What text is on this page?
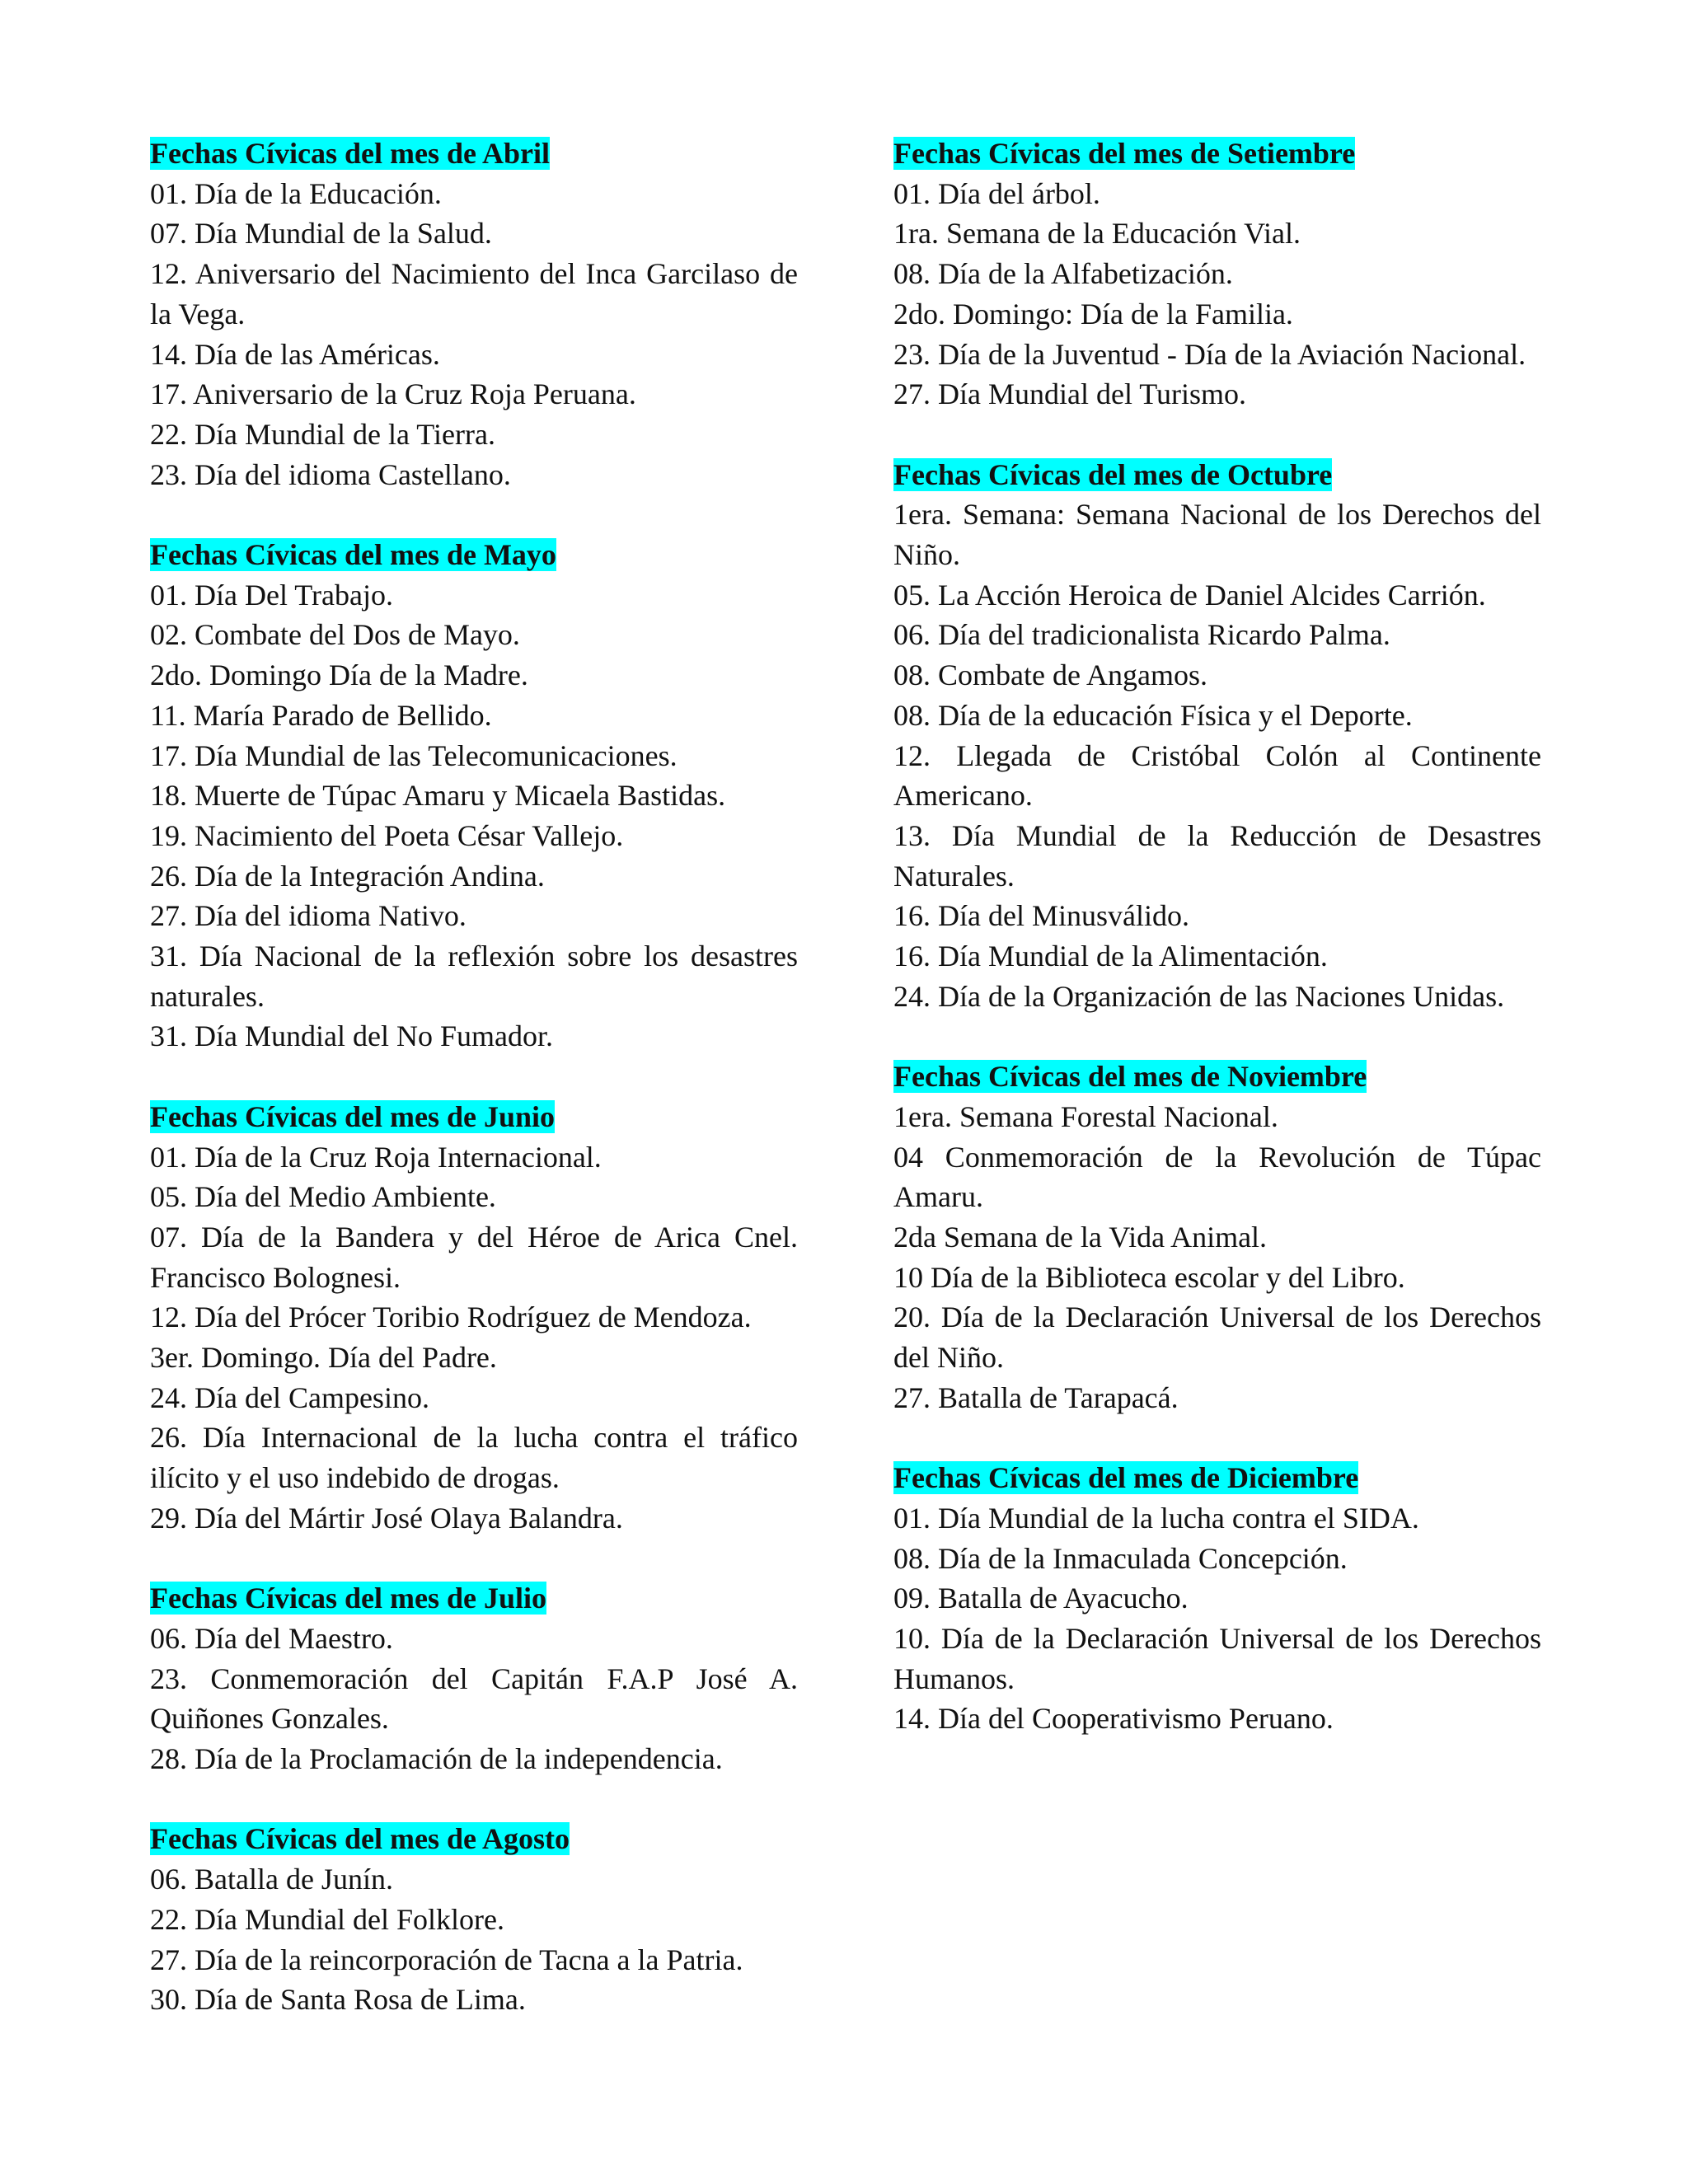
Fechas Cívicas del mes de Abril
01. Día de la Educación.
07. Día Mundial de la Salud.
12. Aniversario del Nacimiento del Inca Garcilaso de la Vega.
14. Día de las Américas.
17. Aniversario de la Cruz Roja Peruana.
22. Día Mundial de la Tierra.
23. Día del idioma Castellano.
Fechas Cívicas del mes de Mayo
01. Día Del Trabajo.
02. Combate del Dos de Mayo.
2do. Domingo Día de la Madre.
11. María Parado de Bellido.
17. Día Mundial de las Telecomunicaciones.
18. Muerte de Túpac Amaru y Micaela Bastidas.
19. Nacimiento del Poeta César Vallejo.
26. Día de la Integración Andina.
27. Día del idioma Nativo.
31. Día Nacional de la reflexión sobre los desastres naturales.
31. Día Mundial del No Fumador.
Fechas Cívicas del mes de Junio
01. Día de la Cruz Roja Internacional.
05. Día del Medio Ambiente.
07. Día de la Bandera y del Héroe de Arica Cnel. Francisco Bolognesi.
12. Día del Prócer Toribio Rodríguez de Mendoza.
3er. Domingo. Día del Padre.
24. Día del Campesino.
26. Día Internacional de la lucha contra el tráfico ilícito y el uso indebido de drogas.
29. Día del Mártir José Olaya Balandra.
Fechas Cívicas del mes de Julio
06. Día del Maestro.
23. Conmemoración del Capitán F.A.P José A. Quiñones Gonzales.
28. Día de la Proclamación de la independencia.
Fechas Cívicas del mes de Agosto
06. Batalla de Junín.
22. Día Mundial del Folklore.
27. Día de la reincorporación de Tacna a la Patria.
30. Día de Santa Rosa de Lima.
Fechas Cívicas del mes de Setiembre
01. Día del árbol.
1ra. Semana de la Educación Vial.
08. Día de la Alfabetización.
2do. Domingo: Día de la Familia.
23. Día de la Juventud - Día de la Aviación Nacional.
27. Día Mundial del Turismo.
Fechas Cívicas del mes de Octubre
1era. Semana: Semana Nacional de los Derechos del Niño.
05. La Acción Heroica de Daniel Alcides Carrión.
06. Día del tradicionalista Ricardo Palma.
08. Combate de Angamos.
08. Día de la educación Física y el Deporte.
12. Llegada de Cristóbal Colón al Continente Americano.
13. Día Mundial de la Reducción de Desastres Naturales.
16. Día del Minusválido.
16. Día Mundial de la Alimentación.
24. Día de la Organización de las Naciones Unidas.
Fechas Cívicas del mes de Noviembre
1era. Semana Forestal Nacional.
04 Conmemoración de la Revolución de Túpac Amaru.
2da Semana de la Vida Animal.
10 Día de la Biblioteca escolar y del Libro.
20. Día de la Declaración Universal de los Derechos del Niño.
27. Batalla de Tarapacá.
Fechas Cívicas del mes de Diciembre
01. Día Mundial de la lucha contra el SIDA.
08. Día de la Inmaculada Concepción.
09. Batalla de Ayacucho.
10. Día de la Declaración Universal de los Derechos Humanos.
14. Día del Cooperativismo Peruano.
